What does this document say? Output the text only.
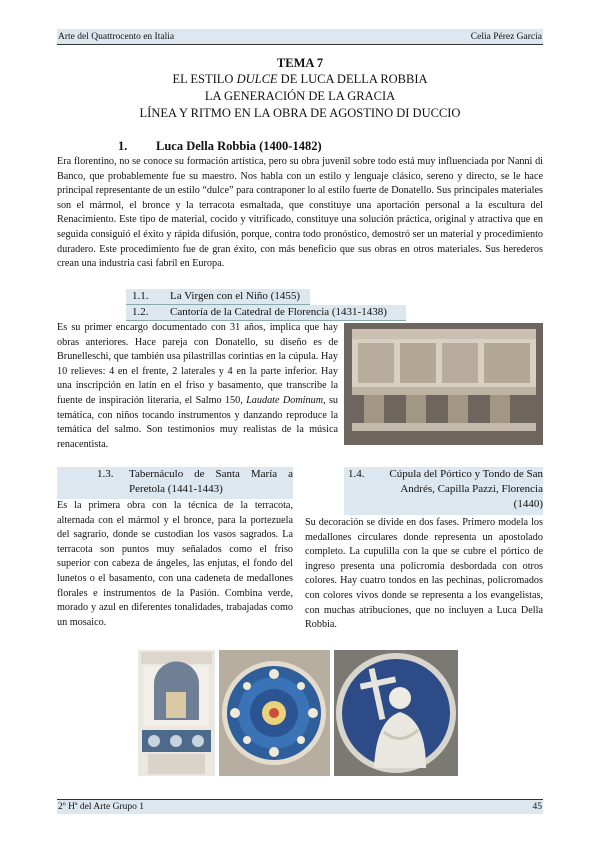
Arte del Quattrocento en Italia	Celia Pérez García
TEMA 7
EL ESTILO DULCE DE LUCA DELLA ROBBIA
LA GENERACIÓN DE LA GRACIA
LÍNEA Y RITMO EN LA OBRA DE AGOSTINO DI DUCCIO
1. Luca Della Robbia (1400-1482)
Era florentino, no se conoce su formación artística, pero su obra juvenil sobre todo está muy influenciada por Nanni di Banco, que probablemente fue su maestro. Nos habla con un estilo y lenguaje clásico, sereno y directo, se le hace principal representante de un estilo “dulce” para contraponer lo al estilo fuerte de Donatello. Sus principales materiales son el mármol, el bronce y la terracota esmaltada, que constituye una aportación personal a la escultura del Renacimiento. Este tipo de material, cocido y vitrificado, constituye una solución práctica, original y atractiva que en seguida consiguió el éxito y rápida difusión, porque, contra todo pronóstico, demostró ser un material y procedimiento duradero. Este procedimiento fue de gran éxito, con más beneficio que sus obras en otros materiales. Sus herederos crean una industria casi fabril en Europa.
1.1. La Virgen con el Niño (1455)
1.2. Cantoría de la Catedral de Florencia (1431-1438)
Es su primer encargo documentado con 31 años, implica que hay obras anteriores. Hace pareja con Donatello, su diseño es de Brunelleschi, que también usa pilastrillas corintias en la cúpula. Hay 10 relieves: 4 en el frente, 2 laterales y 4 en la parte inferior. Hay una inscripción en latín en el friso y basamento, que transcribe la fuente de inspiración literaria, el Salmo 150, Laudate Dominum, su temática, con niños tocando instrumentos y danzando reproduce la temática del salmo. Son testimonios muy realistas de la música renacentista.
1.3. Tabernáculo de Santa María a Peretola (1441-1443)
1.4.	Cúpula del Pórtico y Tondo de San Andrés, Capilla Pazzi, Florencia (1440)
Es la primera obra con la técnica de la terracota, alternada con el mármol y el bronce, para la portezuela del sagrario, donde se custodian los vasos sagrados. La terracota son puntos muy señalados como el friso superior con cabeza de ángeles, las enjutas, el fondo del lunetos o el basamento, con una cadeneta de medallones florales e instrumentos de la Pasión. Combina verde, morado y azul en diferentes tonalidades, trabajadas como un mosaico.
Su decoración se divide en dos fases. Primero modela los medallones circulares donde representa un apostolado completo. La cupulilla con la que se cubre el pórtico de ingreso presenta una policromía desbordada con otros colores. Hay cuatro tondos en las pechinas, policromados con colores vivos donde se representa a los evangelistas, con muchas atribuciones, que no incluyen a Luca Della Robbia.
2º Hª del Arte Grupo 1	45
